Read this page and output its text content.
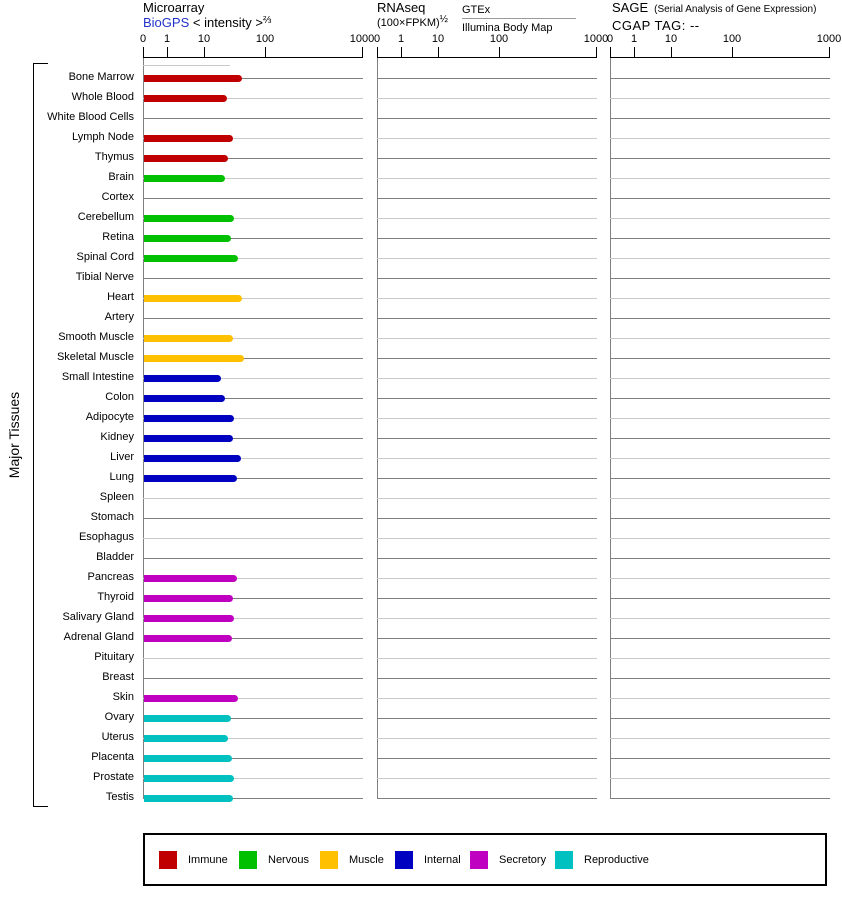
Microarray
BioGPS < intensity >$^{\frac{2}{3}}$
RNAseq
(100×FPKM)$^{\frac{1}{2}}$
GTEx
Illumina Body Map
SAGE (Serial Analysis of Gene Expression)
CGAP TAG: --
Major Tissues
Bone Marrow
Whole Blood
White Blood Cells
Lymph Node
Thymus
Brain
Cortex
Cerebellum
Retina
Spinal Cord
Tibial Nerve
Heart
Artery
Smooth Muscle
Skeletal Muscle
Small Intestine
Colon
Adipocyte
Kidney
Liver
Lung
Spleen
Stomach
Esophagus
Bladder
Pancreas
Thyroid
Salivary Gland
Adrenal Gland
Pituitary
Breast
Skin
Ovary
Uterus
Placenta
Prostate
Testis
0 1	10	100	1000 0 1	10	100	1000
0 1	10	100	1000
Immune	Nervous	Muscle	Internal	Secretory	Reproductive
